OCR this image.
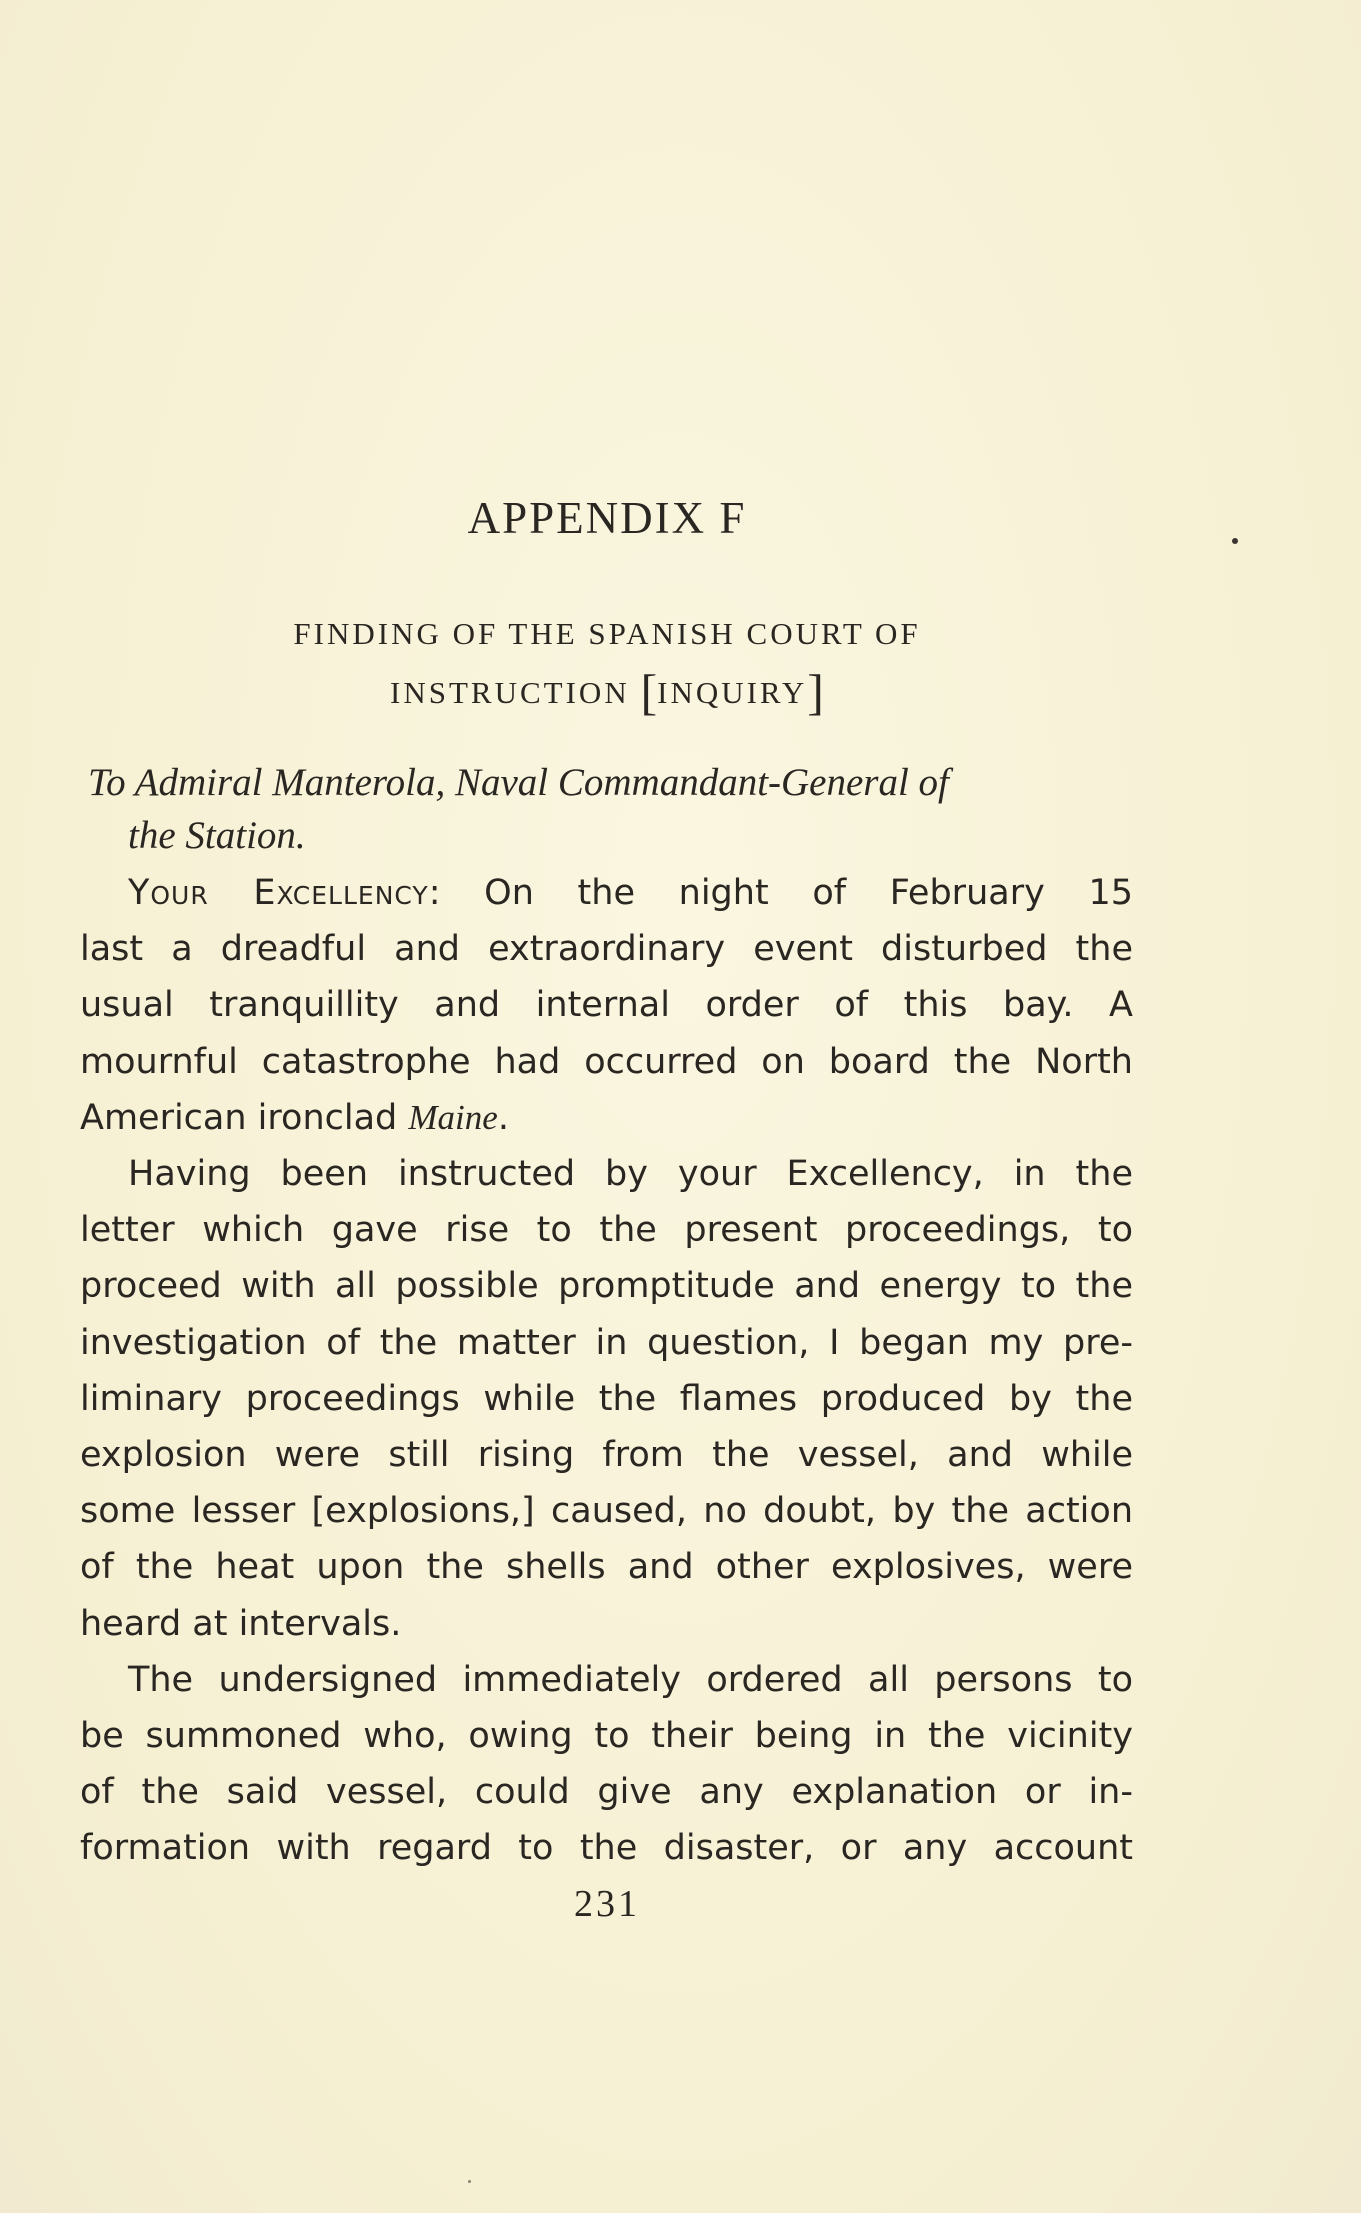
APPENDIX F
FINDING OF THE SPANISH COURT OF
INSTRUCTION [INQUIRY]
To Admiral Manterola, Naval Commandant-General of
the Station.
Your Excellency: On the night of February 15
last a dreadful and extraordinary event disturbed the
usual tranquillity and internal order of this bay. A
mournful catastrophe had occurred on board the North
American ironclad Maine.
Having been instructed by your Excellency, in the
letter which gave rise to the present proceedings, to
proceed with all possible promptitude and energy to the
investigation of the matter in question, I began my pre-
liminary proceedings while the flames produced by the
explosion were still rising from the vessel, and while
some lesser [explosions,] caused, no doubt, by the action
of the heat upon the shells and other explosives, were
heard at intervals.
The undersigned immediately ordered all persons to
be summoned who, owing to their being in the vicinity
of the said vessel, could give any explanation or in-
formation with regard to the disaster, or any account
231
